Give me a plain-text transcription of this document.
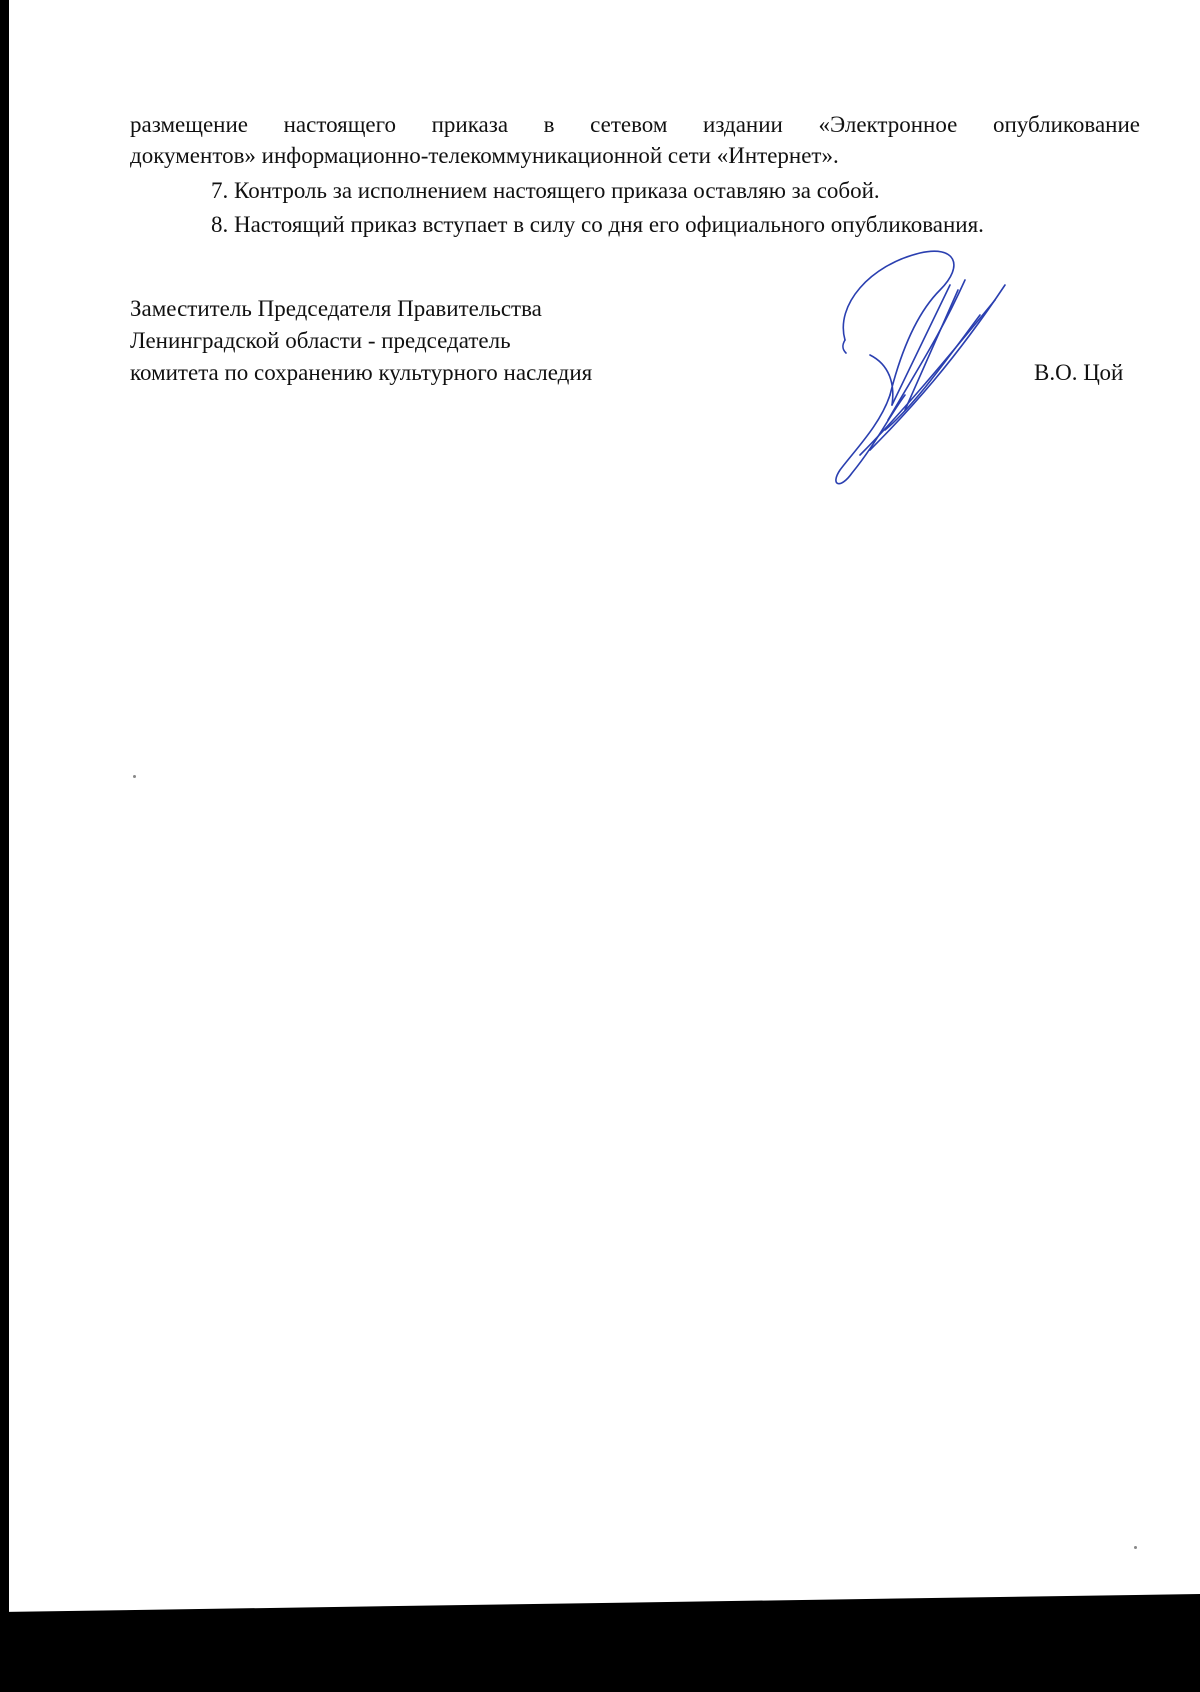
размещение настоящего приказа в сетевом издании «Электронное опубликование
документов» информационно-телекоммуникационной сети «Интернет».
7. Контроль за исполнением настоящего приказа оставляю за собой.
8. Настоящий приказ вступает в силу со дня его официального опубликования.
Заместитель Председателя Правительства
Ленинградской области - председатель
комитета по сохранению культурного наследия	В.О. Цой
